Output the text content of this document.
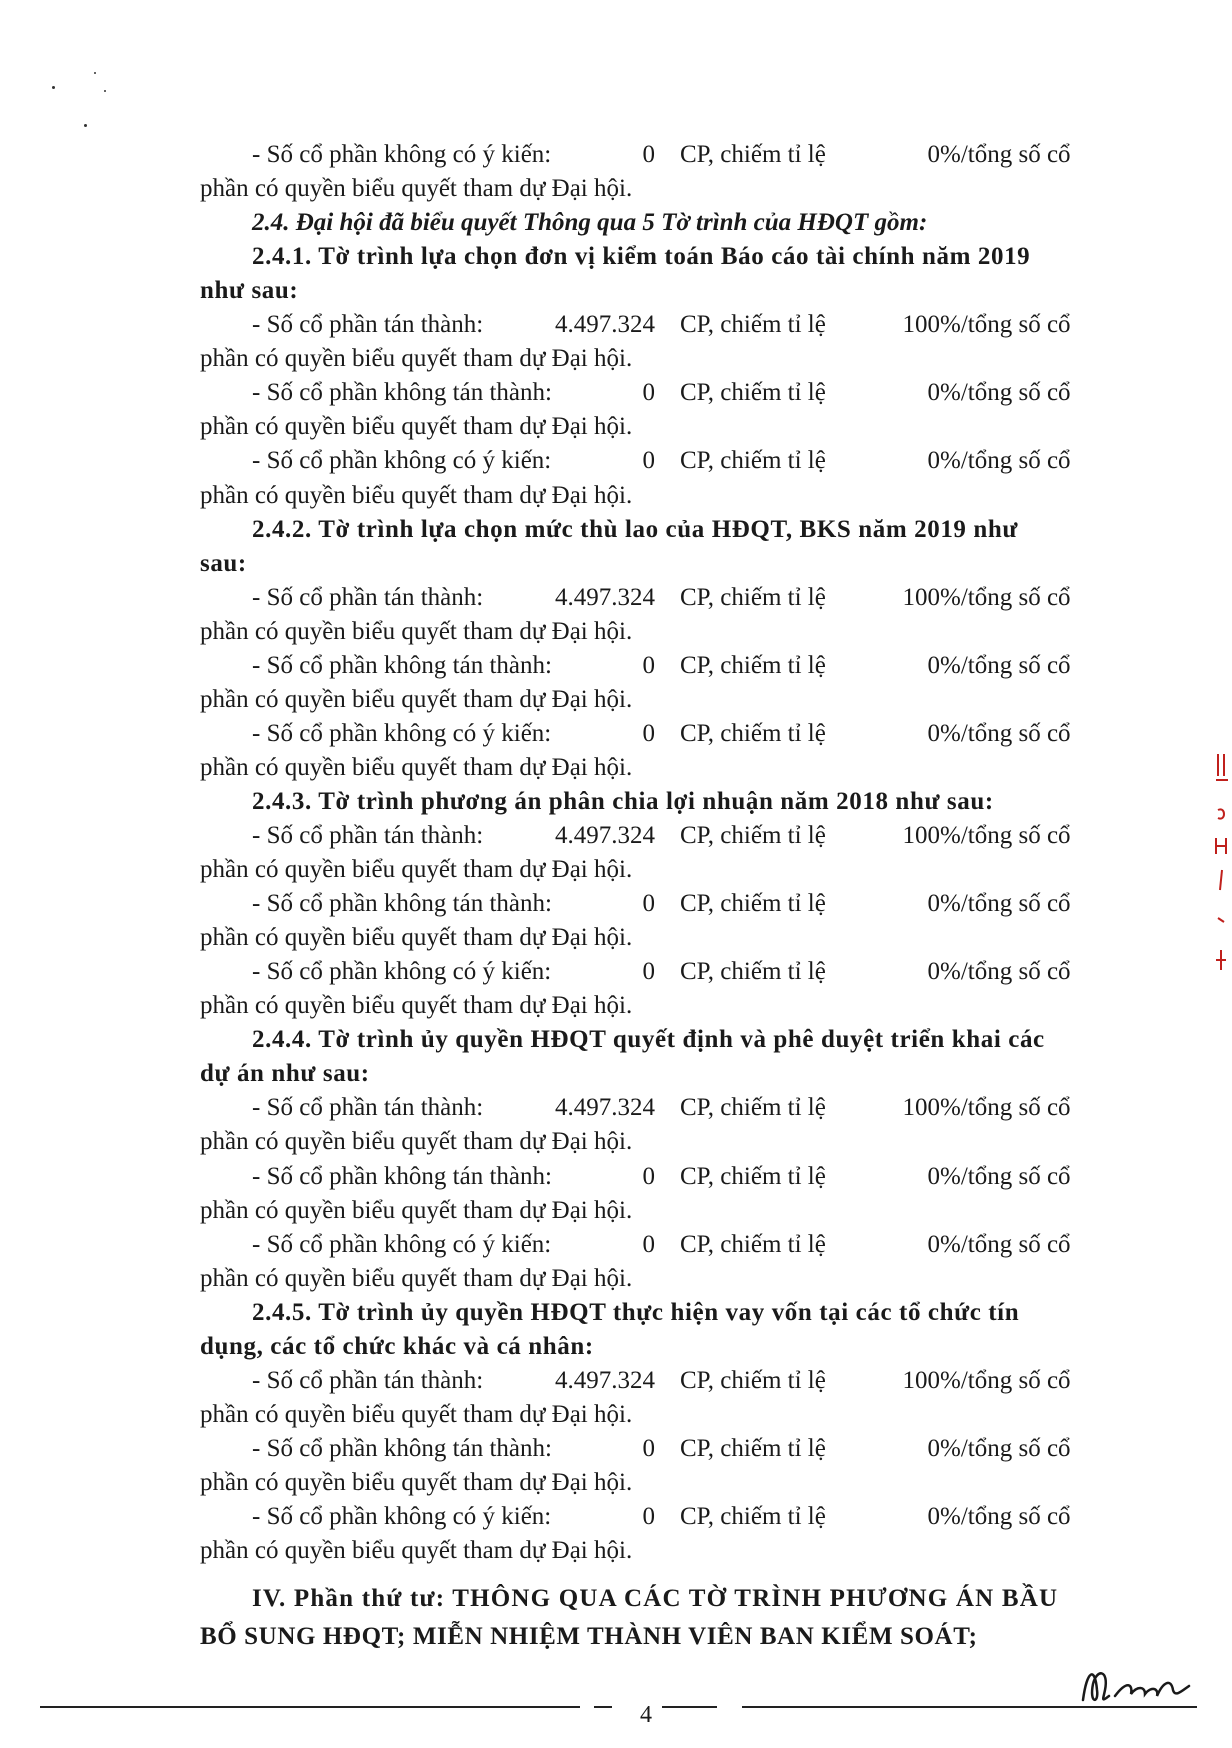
- Số cổ phần không có ý kiến:	0	CP, chiếm tỉ lệ	0 %/tổng số cổ
phần có quyền biểu quyết tham dự Đại hội.
2.4. Đại hội đã biểu quyết Thông qua 5 Tờ trình của HĐQT gồm:
2.4.1. Tờ trình lựa chọn đơn vị kiểm toán Báo cáo tài chính năm 2019
như sau:
- Số cổ phần tán thành:	4.497.324	CP, chiếm tỉ lệ	100 %/tổng số cổ
phần có quyền biểu quyết tham dự Đại hội.
- Số cổ phần không tán thành:	0	CP, chiếm tỉ lệ	0 %/tổng số cổ
phần có quyền biểu quyết tham dự Đại hội.
- Số cổ phần không có ý kiến:	0	CP, chiếm tỉ lệ	0 %/tổng số cổ
phần có quyền biểu quyết tham dự Đại hội.
2.4.2. Tờ trình lựa chọn mức thù lao của HĐQT, BKS năm 2019 như
sau:
- Số cổ phần tán thành:	4.497.324	CP, chiếm tỉ lệ	100 %/tổng số cổ
phần có quyền biểu quyết tham dự Đại hội.
- Số cổ phần không tán thành:	0	CP, chiếm tỉ lệ	0 %/tổng số cổ
phần có quyền biểu quyết tham dự Đại hội.
- Số cổ phần không có ý kiến:	0	CP, chiếm tỉ lệ	0 %/tổng số cổ
phần có quyền biểu quyết tham dự Đại hội.
2.4.3. Tờ trình phương án phân chia lợi nhuận năm 2018 như sau:
- Số cổ phần tán thành:	4.497.324	CP, chiếm tỉ lệ	100 %/tổng số cổ
phần có quyền biểu quyết tham dự Đại hội.
- Số cổ phần không tán thành:	0	CP, chiếm tỉ lệ	0 %/tổng số cổ
phần có quyền biểu quyết tham dự Đại hội.
- Số cổ phần không có ý kiến:	0	CP, chiếm tỉ lệ	0 %/tổng số cổ
phần có quyền biểu quyết tham dự Đại hội.
2.4.4. Tờ trình ủy quyền HĐQT quyết định và phê duyệt triển khai các
dự án như sau:
- Số cổ phần tán thành:	4.497.324	CP, chiếm tỉ lệ	100 %/tổng số cổ
phần có quyền biểu quyết tham dự Đại hội.
- Số cổ phần không tán thành:	0	CP, chiếm tỉ lệ	0 %/tổng số cổ
phần có quyền biểu quyết tham dự Đại hội.
- Số cổ phần không có ý kiến:	0	CP, chiếm tỉ lệ	0 %/tổng số cổ
phần có quyền biểu quyết tham dự Đại hội.
2.4.5. Tờ trình ủy quyền HĐQT thực hiện vay vốn tại các tổ chức tín
dụng, các tổ chức khác và cá nhân:
- Số cổ phần tán thành:	4.497.324	CP, chiếm tỉ lệ	100 %/tổng số cổ
phần có quyền biểu quyết tham dự Đại hội.
- Số cổ phần không tán thành:	0	CP, chiếm tỉ lệ	0 %/tổng số cổ
phần có quyền biểu quyết tham dự Đại hội.
- Số cổ phần không có ý kiến:	0	CP, chiếm tỉ lệ	0 %/tổng số cổ
phần có quyền biểu quyết tham dự Đại hội.
IV. Phần thứ tư: THÔNG QUA CÁC TỜ TRÌNH PHƯƠNG ÁN BẦU
BỔ SUNG HĐQT; MIỄN NHIỆM THÀNH VIÊN BAN KIỂM SOÁT;
4
